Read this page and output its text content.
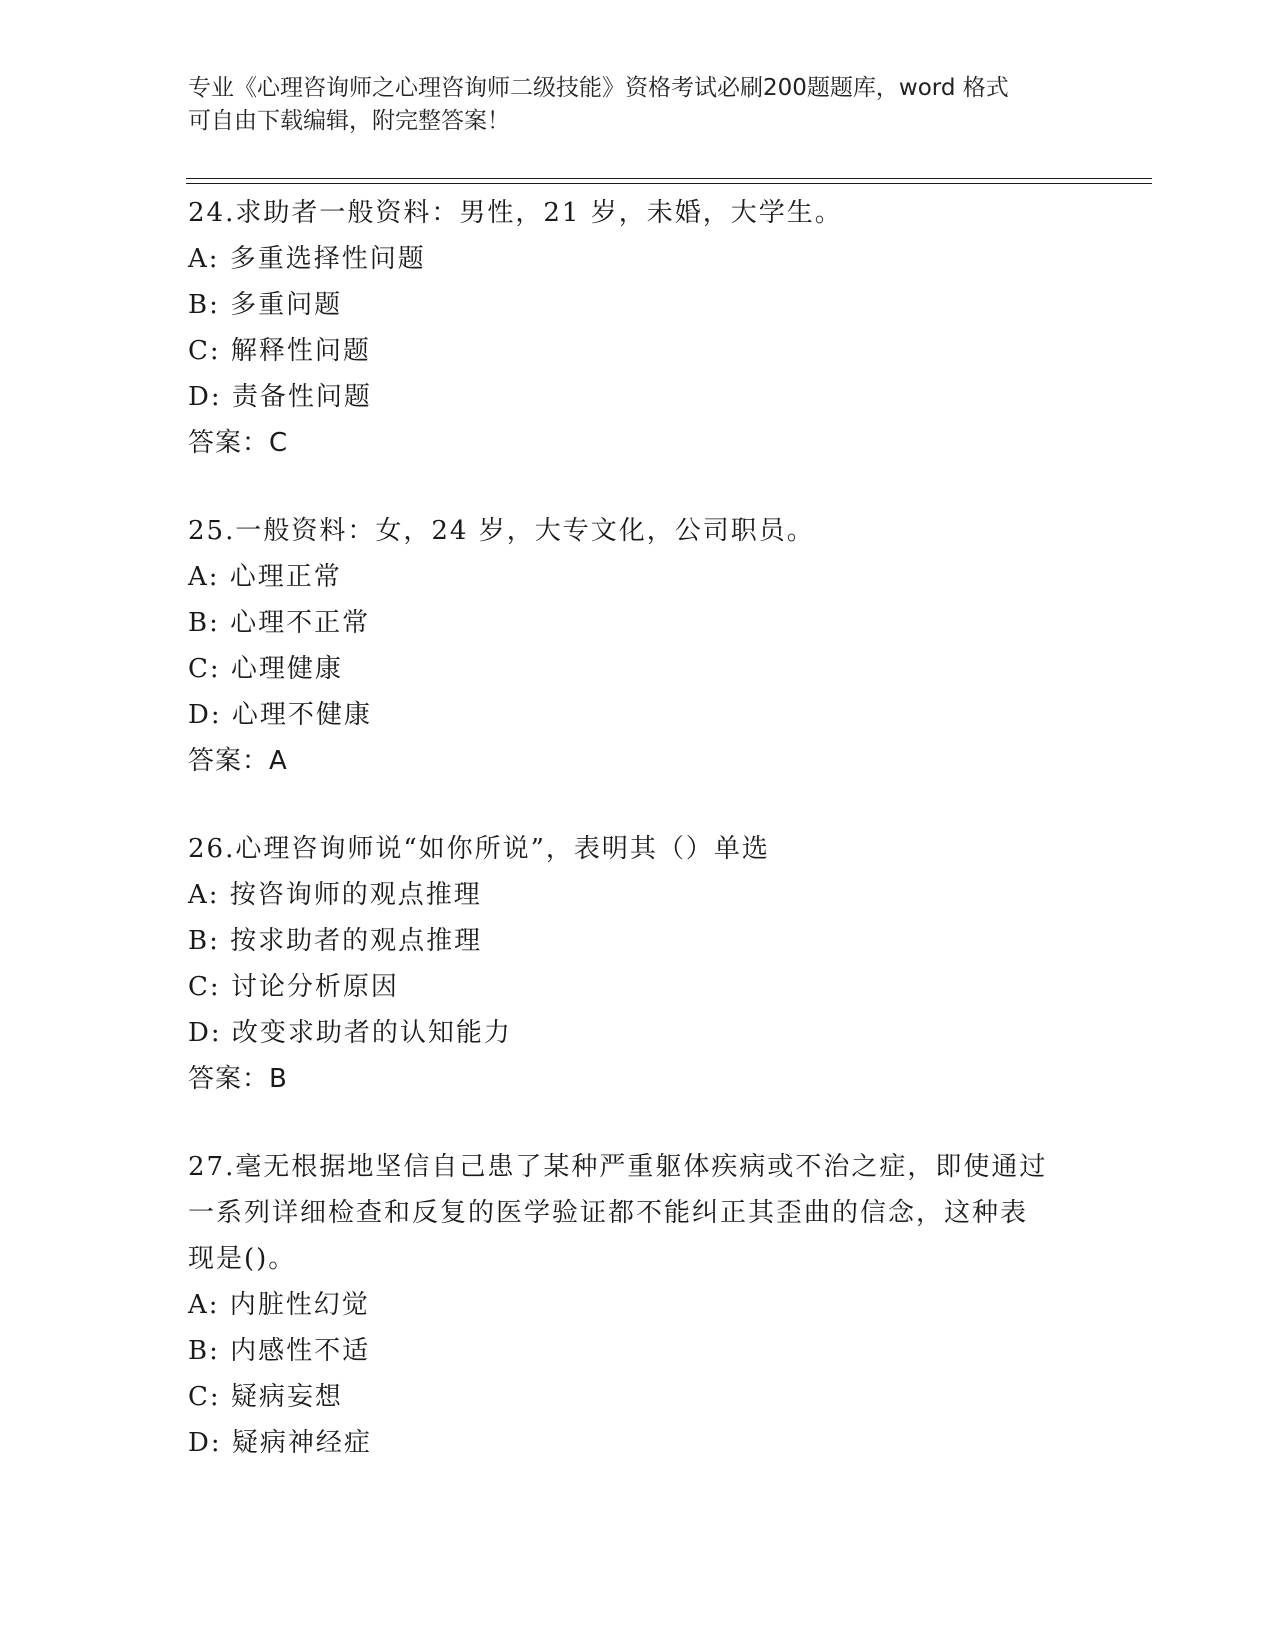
专业《心理咨询师之心理咨询师二级技能》资格考试必刷200题题库，word 格式
可自由下载编辑，附完整答案！
24.求助者一般资料：男性，21 岁，未婚，大学生。
A: 多重选择性问题
B: 多重问题
C: 解释性问题
D: 责备性问题
答案：C
25.一般资料：女，24 岁，大专文化，公司职员。
A: 心理正常
B: 心理不正常
C: 心理健康
D: 心理不健康
答案：A
26.心理咨询师说“如你所说”，表明其（）单选
A: 按咨询师的观点推理
B: 按求助者的观点推理
C: 讨论分析原因
D: 改变求助者的认知能力
答案：B
27.毫无根据地坚信自己患了某种严重躯体疾病或不治之症，即使通过
一系列详细检查和反复的医学验证都不能纠正其歪曲的信念，这种表
现是()。
A: 内脏性幻觉
B: 内感性不适
C: 疑病妄想
D: 疑病神经症
